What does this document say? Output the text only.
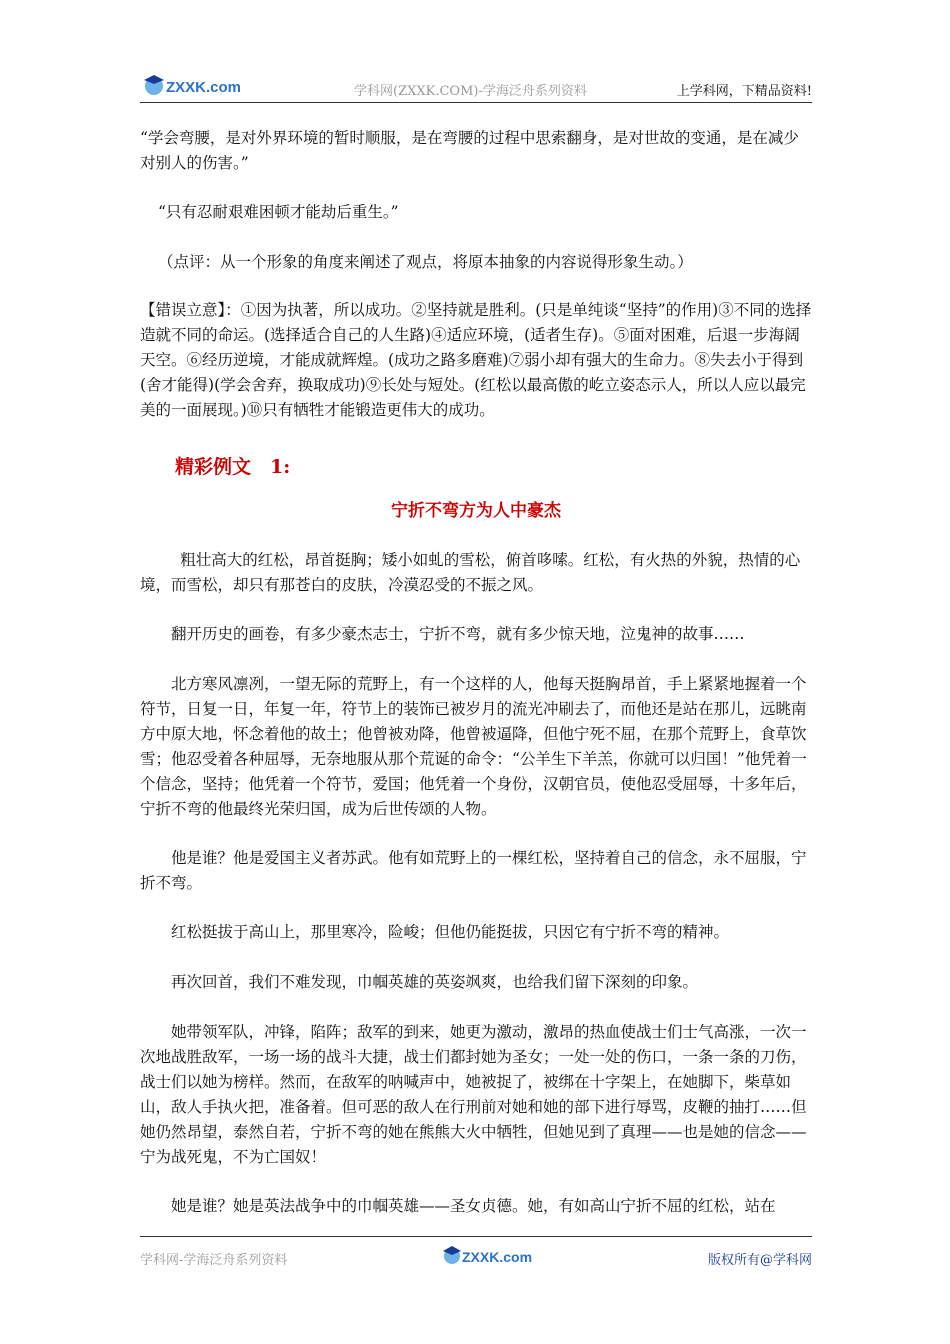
ZXXK.com	学科网(ZXXK.COM)-学海泛舟系列资料	上学科网，下精品资料!

“学会弯腰，是对外界环境的暂时顺服，是在弯腰的过程中思索翻身，是对世故的变通，是在减少对别人的伤害。”

“只有忍耐艰难困顿才能劫后重生。”

（点评：从一个形象的角度来阐述了观点，将原本抽象的内容说得形象生动。）

【错误立意】：①因为执著，所以成功。②坚持就是胜利。(只是单纯谈“坚持”的作用)③不同的选择造就不同的命运。(选择适合自己的人生路)④适应环境，(适者生存)。⑤面对困难，后退一步海阔天空。⑥经历逆境，才能成就辉煌。(成功之路多磨难)⑦弱小却有强大的生命力。⑧失去小于得到(舍才能得)(学会舍弃，换取成功)⑨长处与短处。(红松以最高傲的屹立姿态示人，所以人应以最完美的一面展现。)⑩只有牺牲才能锻造更伟大的成功。

精彩例文　1:
宁折不弯方为人中豪杰

粗壮高大的红松，昂首挺胸；矮小如虬的雪松，俯首哆嗦。红松，有火热的外貌，热情的心境，而雪松，却只有那苍白的皮肤，冷漠忍受的不振之风。

翻开历史的画卷，有多少豪杰志士，宁折不弯，就有多少惊天地，泣鬼神的故事……

北方寒风凛冽，一望无际的荒野上，有一个这样的人，他每天挺胸昂首，手上紧紧地握着一个符节，日复一日，年复一年，符节上的装饰已被岁月的流光冲刷去了，而他还是站在那儿，远眺南方中原大地，怀念着他的故土；他曾被劝降，他曾被逼降，但他宁死不屈，在那个荒野上，食草饮雪；他忍受着各种屈辱，无奈地服从那个荒诞的命令：“公羊生下羊羔，你就可以归国！”他凭着一个信念，坚持；他凭着一个符节，爱国；他凭着一个身份，汉朝官员，使他忍受屈辱，十多年后，宁折不弯的他最终光荣归国，成为后世传颂的人物。

他是谁？他是爱国主义者苏武。他有如荒野上的一棵红松，坚持着自己的信念，永不屈服，宁折不弯。

红松挺拔于高山上，那里寒冷，险峻；但他仍能挺拔，只因它有宁折不弯的精神。

再次回首，我们不难发现，巾帼英雄的英姿飒爽，也给我们留下深刻的印象。

她带领军队，冲锋，陷阵；敌军的到来，她更为激动，激昂的热血使战士们士气高涨，一次一次地战胜敌军，一场一场的战斗大捷，战士们都封她为圣女；一处一处的伤口，一条一条的刀伤，战士们以她为榜样。然而，在敌军的呐喊声中，她被捉了，被绑在十字架上，在她脚下，柴草如山，敌人手执火把，准备着。但可恶的敌人在行刑前对她和她的部下进行辱骂，皮鞭的抽打……但她仍然昂望，泰然自若，宁折不弯的她在熊熊大火中牺牲，但她见到了真理——也是她的信念——宁为战死鬼，不为亡国奴！

她是谁？她是英法战争中的巾帼英雄——圣女贞德。她，有如高山宁折不屈的红松，站在

学科网-学海泛舟系列资料	ZXXK.com	版权所有@学科网
